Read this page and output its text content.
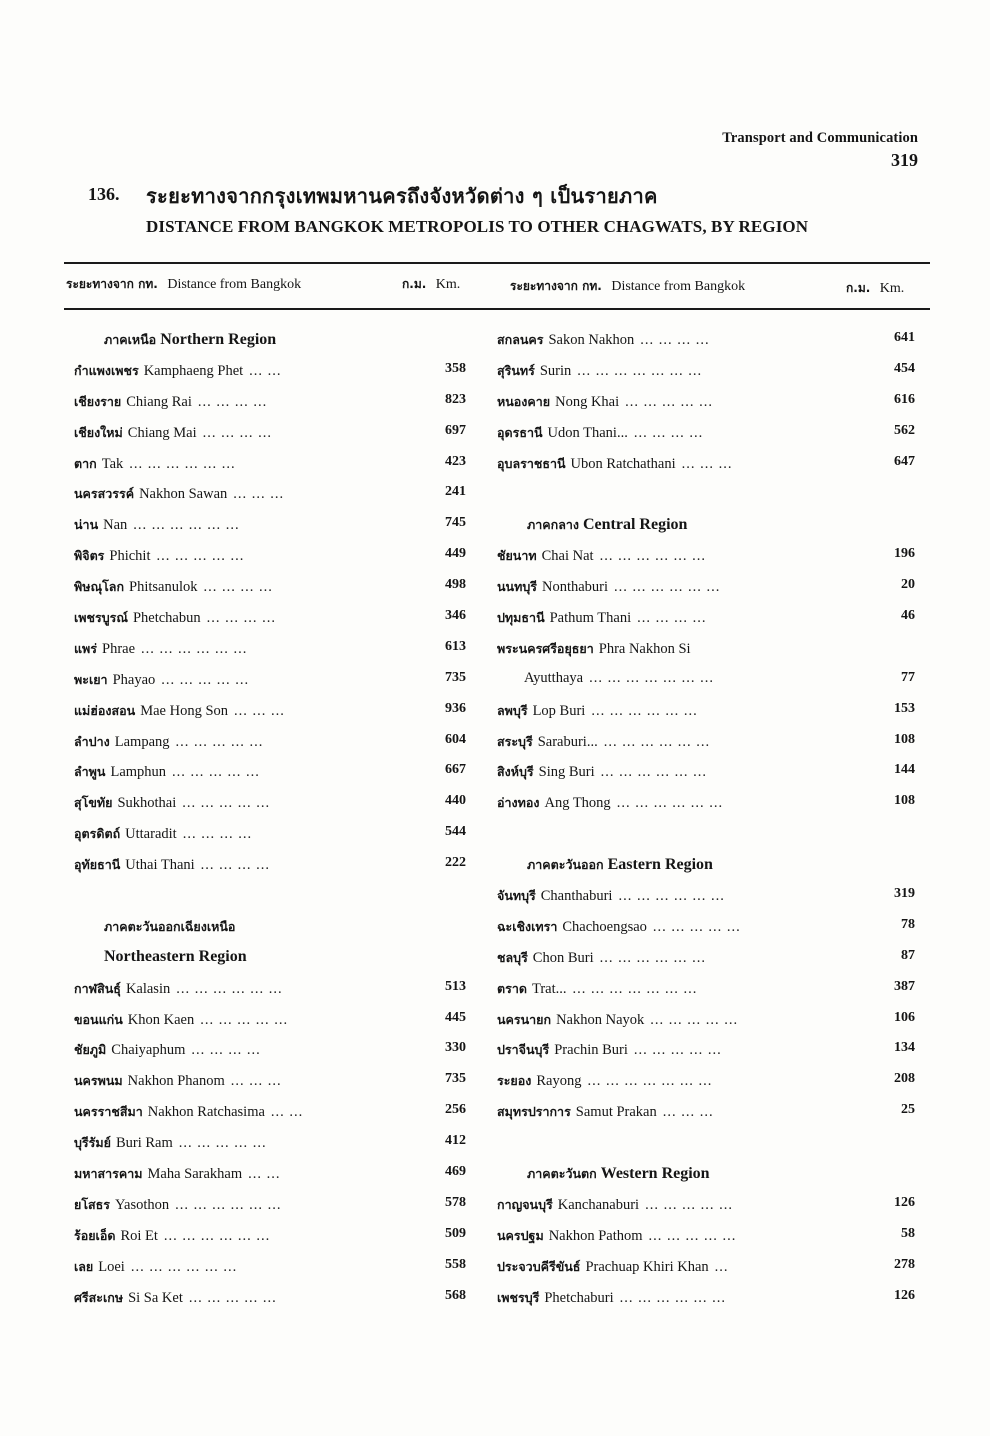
Transport and Communication
319
136. ระยะทางจากกรุงเทพมหานครถึงจังหวัดต่าง ๆ เป็นรายภาค
DISTANCE FROM BANGKOK METROPOLIS TO OTHER CHAGWATS, BY REGION
ระยะทางจาก กท. Distance from Bangkok	ก.ม. Km.	ระยะทางจาก กท. Distance from Bangkok	ก.ม. Km.
ภาคเหนือ Northern Region
กำแพงเพชร Kamphaeng Phet ... ...	358
เชียงราย Chiang Rai ... ... ... ...	823
เชียงใหม่ Chiang Mai ... ... ... ...	697
ตาก Tak ... ... ... ... ... ...	423
นครสวรรค์ Nakhon Sawan ... ... ...	241
น่าน Nan ... ... ... ... ... ...	745
พิจิตร Phichit ... ... ... ... ...	449
พิษณุโลก Phitsanulok ... ... ... ...	498
เพชรบูรณ์ Phetchabun ... ... ... ...	346
แพร่ Phrae ... ... ... ... ... ...	613
พะเยา Phayao ... ... ... ... ...	735
แม่ฮ่องสอน Mae Hong Son ... ... ...	936
ลำปาง Lampang ... ... ... ... ...	604
ลำพูน Lamphun ... ... ... ... ...	667
สุโขทัย Sukhothai ... ... ... ... ...	440
อุตรดิตถ์ Uttaradit ... ... ... ...	544
อุทัยธานี Uthai Thani ... ... ... ...	222
ภาคตะวันออกเฉียงเหนือ
Northeastern Region
กาฬสินธุ์ Kalasin ... ... ... ... ... ...	513
ขอนแก่น Khon Kaen ... ... ... ... ...	445
ชัยภูมิ Chaiyaphum ... ... ... ...	330
นครพนม Nakhon Phanom ... ... ...	735
นครราชสีมา Nakhon Ratchasima ... ...	256
บุรีรัมย์ Buri Ram ... ... ... ... ...	412
มหาสารคาม Maha Sarakham ... ...	469
ยโสธร Yasothon ... ... ... ... ... ...	578
ร้อยเอ็ด Roi Et ... ... ... ... ... ...	509
เลย Loei ... ... ... ... ... ...	558
ศรีสะเกษ Si Sa Ket ... ... ... ... ...	568
สกลนคร Sakon Nakhon ... ... ... ...	641
สุรินทร์ Surin ... ... ... ... ... ... ...	454
หนองคาย Nong Khai ... ... ... ... ...	616
อุดรธานี Udon Thani... ... ... ... ...	562
อุบลราชธานี Ubon Ratchathani ... ... ...	647
ภาคกลาง Central Region
ชัยนาท Chai Nat ... ... ... ... ... ...	196
นนทบุรี Nonthaburi ... ... ... ... ... ...	20
ปทุมธานี Pathum Thani ... ... ... ...	46
พระนครศรีอยุธยา Phra Nakhon Si
Ayutthaya ... ... ... ... ... ... ...	77
ลพบุรี Lop Buri ... ... ... ... ... ...	153
สระบุรี Saraburi... ... ... ... ... ... ...	108
สิงห์บุรี Sing Buri ... ... ... ... ... ...	144
อ่างทอง Ang Thong ... ... ... ... ... ...	108
ภาคตะวันออก Eastern Region
จันทบุรี Chanthaburi ... ... ... ... ... ...	319
ฉะเชิงเทรา Chachoengsao ... ... ... ... ...	78
ชลบุรี Chon Buri ... ... ... ... ... ...	87
ตราด Trat... ... ... ... ... ... ... ...	387
นครนายก Nakhon Nayok ... ... ... ... ...	106
ปราจีนบุรี Prachin Buri ... ... ... ... ...	134
ระยอง Rayong ... ... ... ... ... ... ...	208
สมุทรปราการ Samut Prakan ... ... ...	25
ภาคตะวันตก Western Region
กาญจนบุรี Kanchanaburi ... ... ... ... ...	126
นครปฐม Nakhon Pathom ... ... ... ... ...	58
ประจวบคีรีขันธ์ Prachuap Khiri Khan ...	278
เพชรบุรี Phetchaburi ... ... ... ... ... ...	126
